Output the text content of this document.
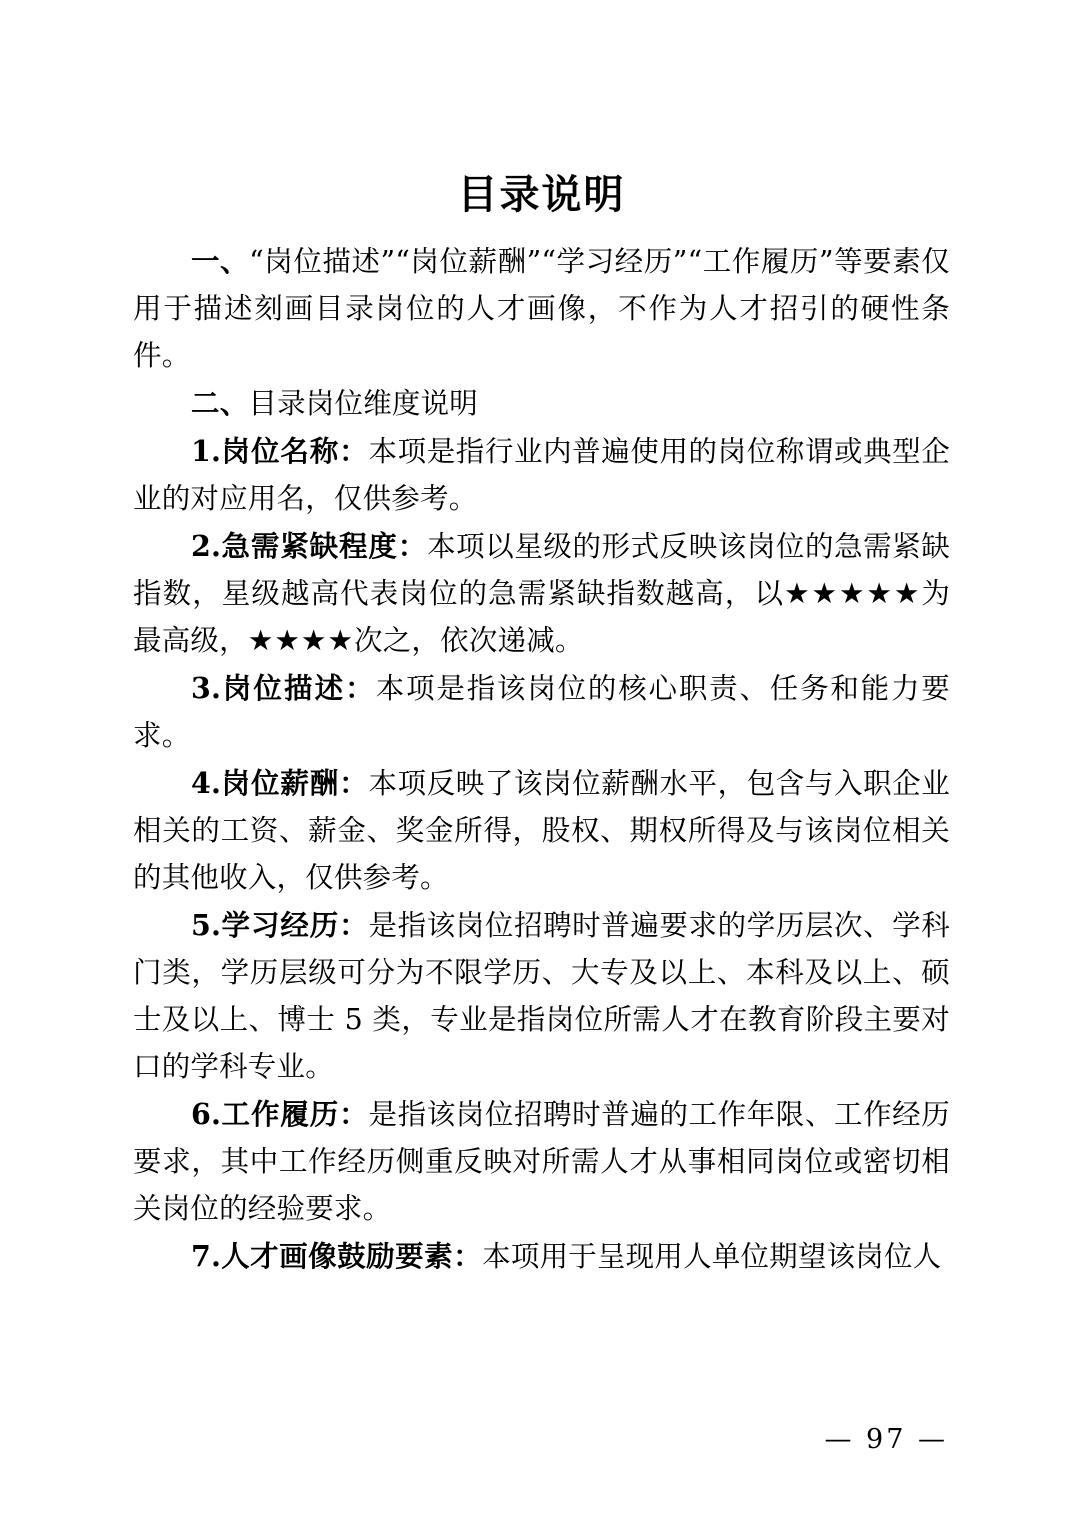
目录说明

一、“岗位描述”“岗位薪酬”“学习经历”“工作履历”等要素仅用于描述刻画目录岗位的人才画像，不作为人才招引的硬性条件。

二、目录岗位维度说明

1.岗位名称：本项是指行业内普遍使用的岗位称谓或典型企业的对应用名，仅供参考。

2.急需紧缺程度：本项以星级的形式反映该岗位的急需紧缺指数，星级越高代表岗位的急需紧缺指数越高，以★★★★★为最高级，★★★★次之，依次递减。

3.岗位描述：本项是指该岗位的核心职责、任务和能力要求。

4.岗位薪酬：本项反映了该岗位薪酬水平，包含与入职企业相关的工资、薪金、奖金所得，股权、期权所得及与该岗位相关的其他收入，仅供参考。

5.学习经历：是指该岗位招聘时普遍要求的学历层次、学科门类，学历层级可分为不限学历、大专及以上、本科及以上、硕士及以上、博士 5 类，专业是指岗位所需人才在教育阶段主要对口的学科专业。

6.工作履历：是指该岗位招聘时普遍的工作年限、工作经历要求，其中工作经历侧重反映对所需人才从事相同岗位或密切相关岗位的经验要求。

7.人才画像鼓励要素：本项用于呈现用人单位期望该岗位人

— 97 —
